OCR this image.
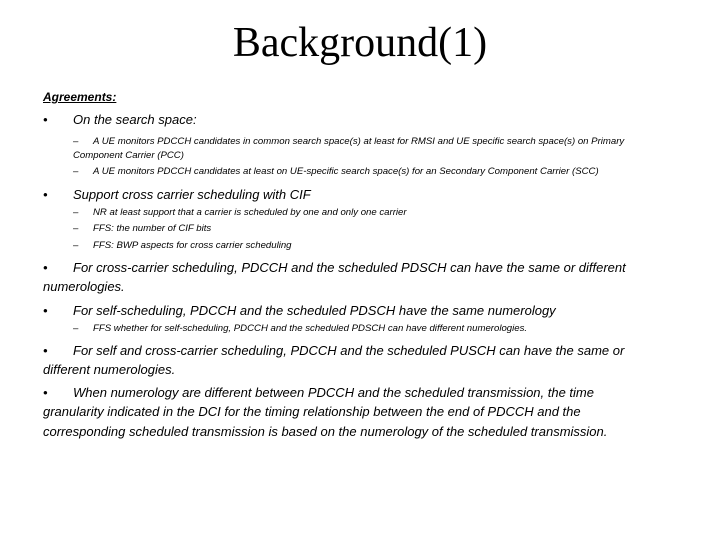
Background(1)
Agreements:
• On the search space:
– A UE monitors PDCCH candidates in common search space(s) at least for RMSI and UE specific search space(s) on Primary
Component Carrier (PCC)
– A UE monitors PDCCH candidates at least on UE-specific search space(s) for an Secondary Component Carrier (SCC)
• Support cross carrier scheduling with CIF
– NR at least support that a carrier is scheduled by one and only one carrier
– FFS: the number of CIF bits
– FFS: BWP aspects for cross carrier scheduling
• For cross-carrier scheduling, PDCCH and the scheduled PDSCH can have the same or different
numerologies.
• For self-scheduling, PDCCH and the scheduled PDSCH have the same numerology
– FFS whether for self-scheduling, PDCCH and the scheduled PDSCH can have different numerologies.
• For self and cross-carrier scheduling, PDCCH and the scheduled PUSCH can have the same or
different numerologies.
• When numerology are different between PDCCH and the scheduled transmission, the time
granularity indicated in the DCI for the timing relationship between the end of PDCCH and the
corresponding scheduled transmission is based on the numerology of the scheduled transmission.
